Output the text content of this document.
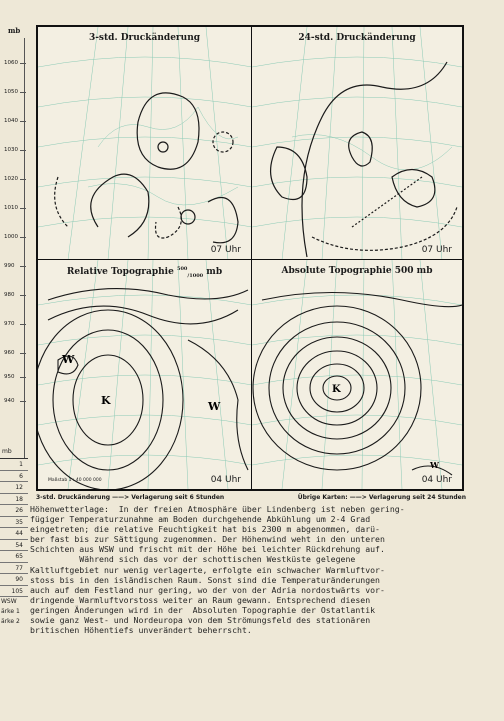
mb
1060
1050
1040
1030
1020
1010
1000
990
980
970
960
950
940
mb
1
6
12
18
26
35
44
54
65
77
90
105
WSW
ärke 1
ärke 2
3-std. Druckänderung
07 Uhr
24-std. Druckänderung
07 Uhr
W
K	W
Relative Topographie $^{500}_{/1000}$ mb
Maßstab 1 : 40 000 000	04 Uhr
K
W
Absolute Topographie 500 mb
04 Uhr
3-std. Druckänderung ——> Verlagerung seit 6 Stunden	Übrige Karten: ——> Verlagerung seit 24 Stunden
Höhenwetterlage:  In der freien Atmosphäre über Lindenberg ist neben gering-
fügiger Temperaturzunahme am Boden durchgehende Abkühlung um 2-4 Grad
eingetreten; die relative Feuchtigkeit hat bis 2300 m abgenommen, darü-
ber fast bis zur Sättigung zugenommen. Der Höhenwind weht in den unteren
Schichten aus WSW und frischt mit der Höhe bei leichter Rückdrehung auf.
Während sich das vor der schottischen Westküste gelegene
Kaltluftgebiet nur wenig verlagerte, erfolgte ein schwacher Warmluftvor-
stoss bis in den isländischen Raum. Sonst sind die Temperaturänderungen
auch auf dem Festland nur gering, wo der von der Adria nordostwärts vor-
dringende Warmluftvorstoss weiter an Raum gewann. Entsprechend diesen
geringen Änderungen wird in der  Absoluten Topographie der Ostatlantik
sowie ganz West- und Nordeuropa von dem Strömungsfeld des stationären
britischen Höhentiefs unverändert beherrscht.
